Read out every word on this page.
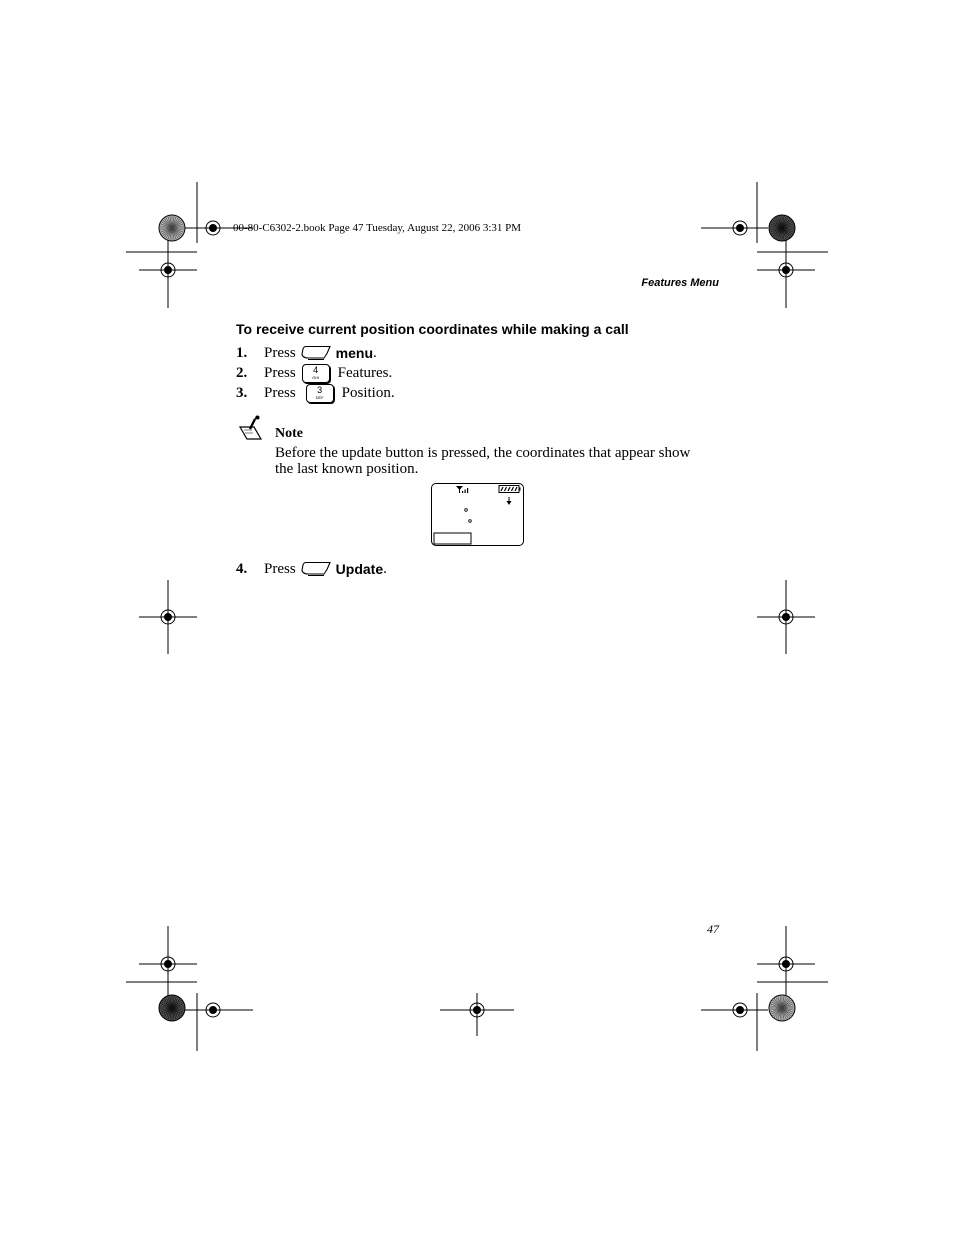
00-80-C6302-2.book Page 47 Tuesday, August 22, 2006 3:31 PM
Features Menu
To receive current position coordinates while making a call
1.	Press	menu .
2.	Press	4
GHI	Features.
3.	Press	3
DEF	Position.
Note
Before the update button is pressed, the coordinates that appear show the last known position.
4.	Press	Update .
47
